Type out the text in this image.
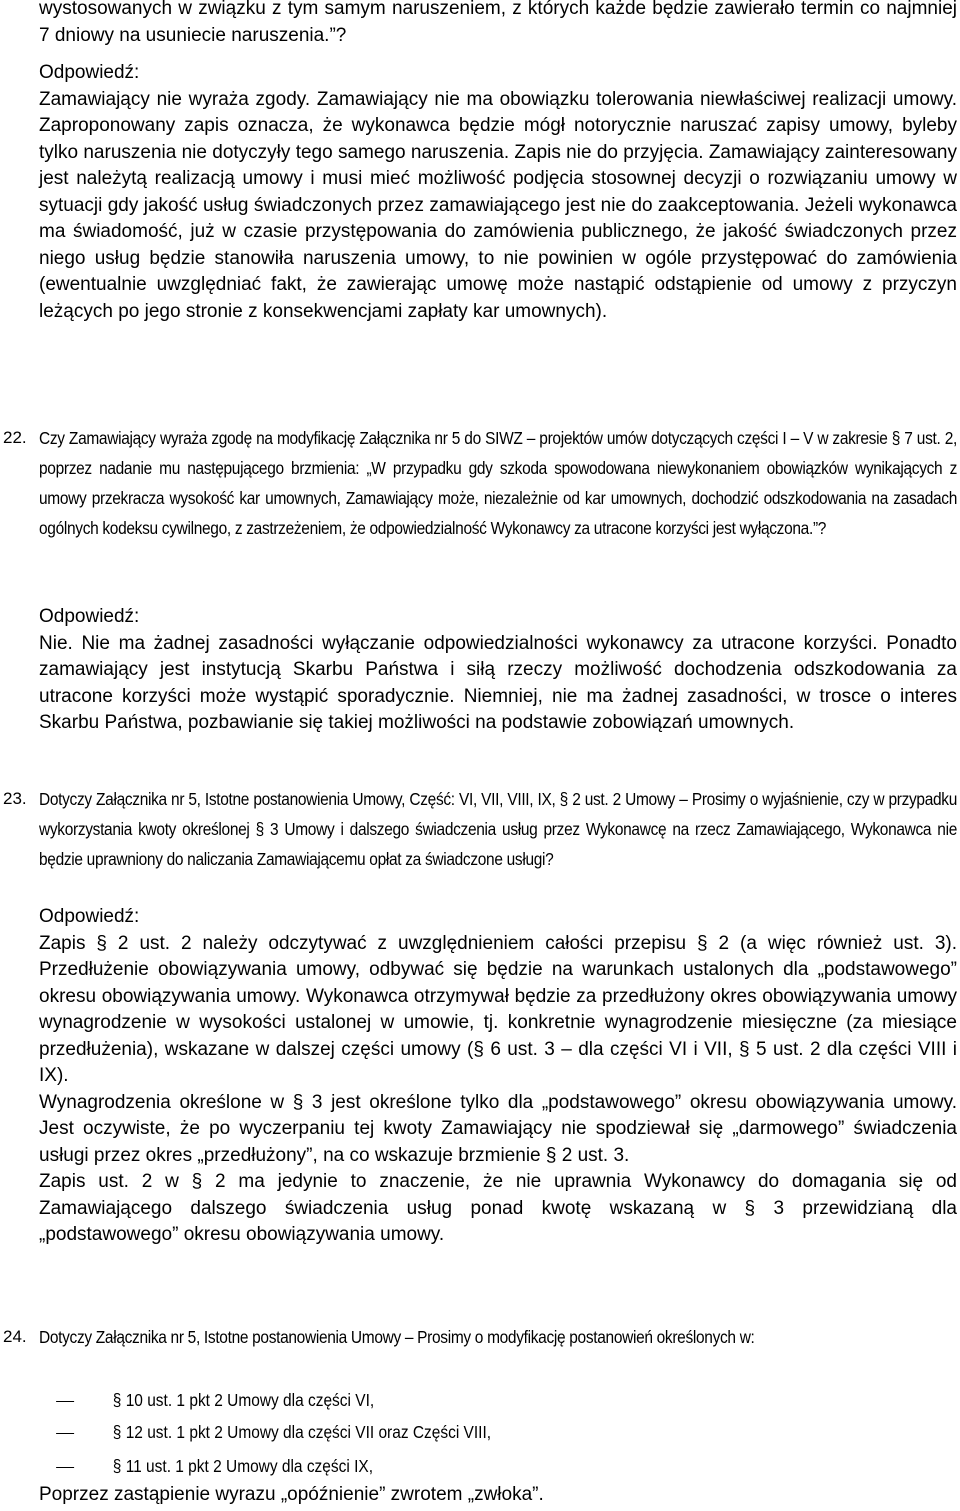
wystosowanych w związku z tym samym naruszeniem, z których każde będzie zawierało termin co najmniej 7 dniowy na usuniecie naruszenia.”?

Odpowiedź:

Zamawiający nie wyraża zgody. Zamawiający nie ma obowiązku tolerowania niewłaściwej realizacji umowy. Zaproponowany zapis oznacza, że wykonawca będzie mógł notorycznie naruszać zapisy umowy, byleby tylko naruszenia nie dotyczyły tego samego naruszenia. Zapis nie do przyjęcia. Zamawiający zainteresowany jest należytą realizacją umowy i musi mieć możliwość podjęcia stosownej decyzji o rozwiązaniu umowy w sytuacji gdy jakość usług świadczonych przez zamawiającego jest nie do zaakceptowania. Jeżeli wykonawca ma świadomość, już w czasie przystępowania do zamówienia publicznego, że jakość świadczonych przez niego usług będzie stanowiła naruszenia umowy, to nie powinien w ogóle przystępować do zamówienia (ewentualnie uwzględniać fakt, że zawierając umowę może nastąpić odstąpienie od umowy z przyczyn leżących po jego stronie z konsekwencjami zapłaty kar umownych).

22. Czy Zamawiający wyraża zgodę na modyfikację Załącznika nr 5 do SIWZ – projektów umów dotyczących części I – V w zakresie § 7 ust. 2, poprzez nadanie mu następującego brzmienia: „W przypadku gdy szkoda spowodowana niewykonaniem obowiązków wynikających z umowy przekracza wysokość kar umownych, Zamawiający może, niezależnie od kar umownych, dochodzić odszkodowania na zasadach ogólnych kodeksu cywilnego, z zastrzeżeniem, że odpowiedzialność Wykonawcy za utracone korzyści jest wyłączona.”?

Odpowiedź:

Nie. Nie ma żadnej zasadności wyłączanie odpowiedzialności wykonawcy za utracone korzyści. Ponadto zamawiający jest instytucją Skarbu Państwa i siłą rzeczy możliwość dochodzenia odszkodowania za utracone korzyści może wystąpić sporadycznie. Niemniej, nie ma żadnej zasadności, w trosce o interes Skarbu Państwa, pozbawianie się takiej możliwości na podstawie zobowiązań umownych.

23. Dotyczy Załącznika nr 5, Istotne postanowienia Umowy, Część: VI, VII, VIII, IX, § 2 ust. 2 Umowy – Prosimy o wyjaśnienie, czy w przypadku wykorzystania kwoty określonej § 3 Umowy i dalszego świadczenia usług przez Wykonawcę na rzecz Zamawiającego, Wykonawca nie będzie uprawniony do naliczania Zamawiającemu opłat za świadczone usługi?

Odpowiedź:

Zapis § 2 ust. 2 należy odczytywać z uwzględnieniem całości przepisu § 2 (a więc również ust. 3). Przedłużenie obowiązywania umowy, odbywać się będzie na warunkach ustalonych dla „podstawowego” okresu obowiązywania umowy. Wykonawca otrzymywał będzie za przedłużony okres obowiązywania umowy wynagrodzenie w wysokości ustalonej w umowie, tj. konkretnie wynagrodzenie miesięczne (za miesiące przedłużenia), wskazane w dalszej części umowy (§ 6 ust. 3 – dla części VI i VII, § 5 ust. 2 dla części VIII i IX).

Wynagrodzenia określone w § 3 jest określone tylko dla „podstawowego” okresu obowiązywania umowy. Jest oczywiste, że po wyczerpaniu tej kwoty Zamawiający nie spodziewał się „darmowego” świadczenia usługi przez okres „przedłużony”, na co wskazuje brzmienie § 2 ust. 3.

Zapis ust. 2 w § 2 ma jedynie to znaczenie, że nie uprawnia Wykonawcy do domagania się od Zamawiającego dalszego świadczenia usług ponad kwotę wskazaną w § 3 przewidzianą dla „podstawowego” okresu obowiązywania umowy.

24. Dotyczy Załącznika nr 5, Istotne postanowienia Umowy – Prosimy o modyfikację postanowień określonych w:

§ 10 ust. 1 pkt 2 Umowy dla części VI,
§ 12 ust. 1 pkt 2 Umowy dla części VII oraz Części VIII,
§ 11 ust. 1 pkt 2 Umowy dla części IX,
Poprzez zastąpienie wyrazu „opóźnienie” zwrotem „zwłoka”.
